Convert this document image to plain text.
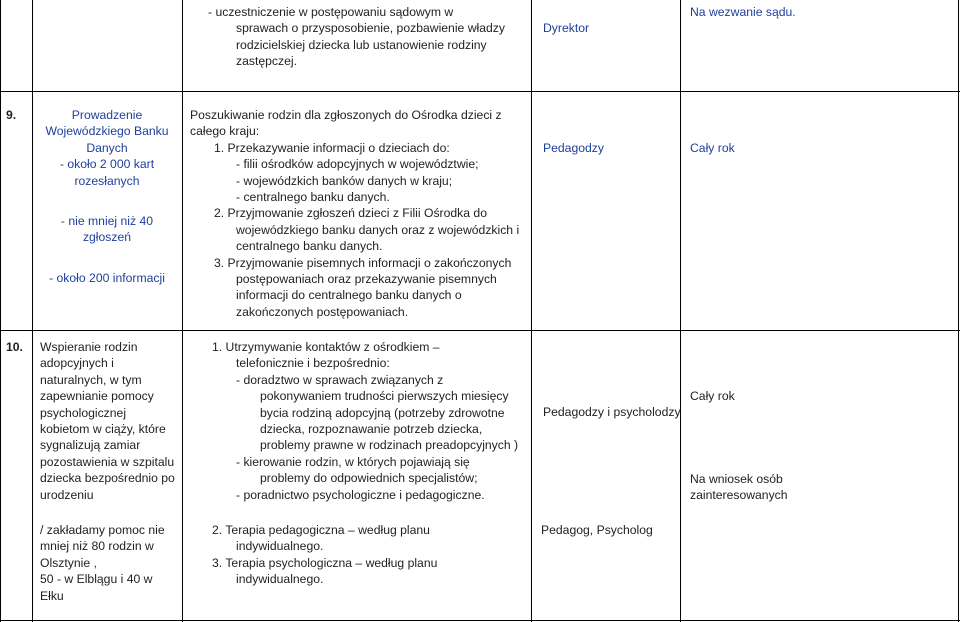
- uczestniczenie w postępowaniu sądowym w
sprawach o przysposobienie, pozbawienie władzy
rodzicielskiej dziecka lub ustanowienie rodziny
zastępczej.
Dyrektor
Na wezwanie sądu.
9.	Prowadzenie
Wojewódzkiego Banku
Danych
- około 2 000 kart
rozesłanych
- nie mniej niż 40
zgłoszeń
- około 200 informacji
Poszukiwanie rodzin dla zgłoszonych do Ośrodka dzieci z
całego kraju:
1. Przekazywanie informacji o dzieciach do:
- filii ośrodków adopcyjnych w województwie;
- wojewódzkich banków danych w kraju;
- centralnego banku danych.
2. Przyjmowanie zgłoszeń dzieci z Filii Ośrodka do
wojewódzkiego banku danych oraz z wojewódzkich i
centralnego banku danych.
3. Przyjmowanie pisemnych informacji o zakończonych
postępowaniach oraz przekazywanie pisemnych
informacji do centralnego banku danych o
zakończonych postępowaniach.
Pedagodzy	Cały rok
10. Wspieranie rodzin
adopcyjnych i
naturalnych, w tym
zapewnianie pomocy
psychologicznej
kobietom w ciąży, które
sygnalizują zamiar
pozostawienia w szpitalu
dziecka bezpośrednio po
urodzeniu
/ zakładamy pomoc nie
mniej niż 80 rodzin w
Olsztynie ,
50 - w Elblągu i 40 w
Ełku
1. Utrzymywanie kontaktów z ośrodkiem –
telefonicznie i bezpośrednio:
- doradztwo w sprawach związanych z
pokonywaniem trudności pierwszych miesięcy
bycia rodziną adopcyjną (potrzeby zdrowotne
dziecka, rozpoznawanie potrzeb dziecka,
problemy prawne w rodzinach preadopcyjnych )
- kierowanie rodzin, w których pojawiają się
problemy do odpowiednich specjalistów;
- poradnictwo psychologiczne i pedagogiczne.
2. Terapia pedagogiczna – według planu
indywidualnego.
3. Terapia psychologiczna – według planu
indywidualnego.
Pedagodzy i psycholodzy
Pedagog, Psycholog
Cały rok
Na wniosek osób
zainteresowanych
